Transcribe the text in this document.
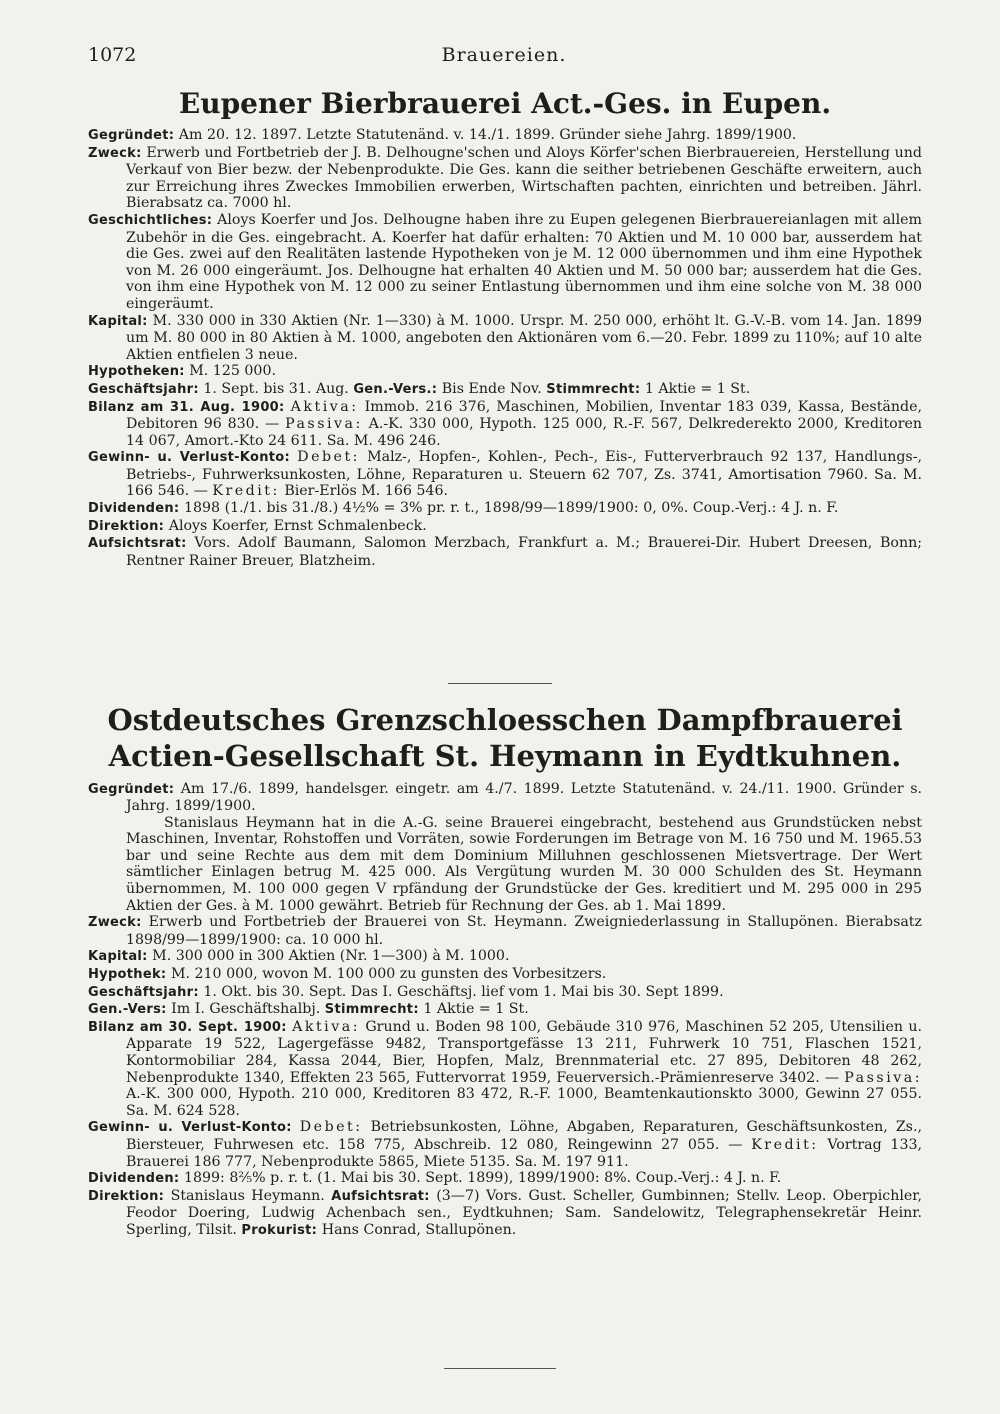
1072	Brauereien.
Eupener Bierbrauerei Act.-Ges. in Eupen.

Gegründet: Am 20. 12. 1897. Letzte Statutenänd. v. 14./1. 1899. Gründer siehe Jahrg. 1899/1900.

Zweck: Erwerb und Fortbetrieb der J. B. Delhougne'schen und Aloys Körfer'schen Bierbrauereien, Herstellung und Verkauf von Bier bezw. der Nebenprodukte. Die Ges. kann die seither betriebenen Geschäfte erweitern, auch zur Erreichung ihres Zweckes Immobilien erwerben, Wirtschaften pachten, einrichten und betreiben. Jährl. Bierabsatz ca. 7000 hl.

Geschichtliches: Aloys Koerfer und Jos. Delhougne haben ihre zu Eupen gelegenen Bierbrauereianlagen mit allem Zubehör in die Ges. eingebracht. A. Koerfer hat dafür erhalten: 70 Aktien und M. 10 000 bar, ausserdem hat die Ges. zwei auf den Realitäten lastende Hypotheken von je M. 12 000 übernommen und ihm eine Hypothek von M. 26 000 eingeräumt. Jos. Delhougne hat erhalten 40 Aktien und M. 50 000 bar; ausserdem hat die Ges. von ihm eine Hypothek von M. 12 000 zu seiner Entlastung übernommen und ihm eine solche von M. 38 000 eingeräumt.

Kapital: M. 330 000 in 330 Aktien (Nr. 1—330) à M. 1000. Urspr. M. 250 000, erhöht lt. G.-V.-B. vom 14. Jan. 1899 um M. 80 000 in 80 Aktien à M. 1000, angeboten den Aktionären vom 6.—20. Febr. 1899 zu 110%; auf 10 alte Aktien entfielen 3 neue.

Hypotheken: M. 125 000.

Geschäftsjahr: 1. Sept. bis 31. Aug. Gen.-Vers.: Bis Ende Nov. Stimmrecht: 1 Aktie = 1 St.

Bilanz am 31. Aug. 1900: Aktiva: Immob. 216 376, Maschinen, Mobilien, Inventar 183 039, Kassa, Bestände, Debitoren 96 830. — Passiva: A.-K. 330 000, Hypoth. 125 000, R.-F. 567, Delkrederekto 2000, Kreditoren 14 067, Amort.-Kto 24 611. Sa. M. 496 246.

Gewinn- u. Verlust-Konto: Debet: Malz-, Hopfen-, Kohlen-, Pech-, Eis-, Futterverbrauch 92 137, Handlungs-, Betriebs-, Fuhrwerksunkosten, Löhne, Reparaturen u. Steuern 62 707, Zs. 3741, Amortisation 7960. Sa. M. 166 546. — Kredit: Bier-Erlös M. 166 546.

Dividenden: 1898 (1./1. bis 31./8.) 4½% = 3% pr. r. t., 1898/99—1899/1900: 0, 0%. Coup.-Verj.: 4 J. n. F.

Direktion: Aloys Koerfer, Ernst Schmalenbeck.

Aufsichtsrat: Vors. Adolf Baumann, Salomon Merzbach, Frankfurt a. M.; Brauerei-Dir. Hubert Dreesen, Bonn; Rentner Rainer Breuer, Blatzheim.

Ostdeutsches Grenzschloesschen Dampfbrauerei Actien-Gesellschaft St. Heymann in Eydtkuhnen.

Gegründet: Am 17./6. 1899, handelsger. eingetr. am 4./7. 1899. Letzte Statutenänd. v. 24./11. 1900. Gründer s. Jahrg. 1899/1900.

Stanislaus Heymann hat in die A.-G. seine Brauerei eingebracht, bestehend aus Grundstücken nebst Maschinen, Inventar, Rohstoffen und Vorräten, sowie Forderungen im Betrage von M. 16 750 und M. 1965.53 bar und seine Rechte aus dem mit dem Dominium Milluhnen geschlossenen Mietsvertrage. Der Wert sämtlicher Einlagen betrug M. 425 000. Als Vergütung wurden M. 30 000 Schulden des St. Heymann übernommen, M. 100 000 gegen V rpfändung der Grundstücke der Ges. kreditiert und M. 295 000 in 295 Aktien der Ges. à M. 1000 gewährt. Betrieb für Rechnung der Ges. ab 1. Mai 1899.

Zweck: Erwerb und Fortbetrieb der Brauerei von St. Heymann. Zweigniederlassung in Stallupönen. Bierabsatz 1898/99—1899/1900: ca. 10 000 hl.

Kapital: M. 300 000 in 300 Aktien (Nr. 1—300) à M. 1000.

Hypothek: M. 210 000, wovon M. 100 000 zu gunsten des Vorbesitzers.

Geschäftsjahr: 1. Okt. bis 30. Sept. Das I. Geschäftsj. lief vom 1. Mai bis 30. Sept 1899.

Gen.-Vers: Im I. Geschäftshalbj. Stimmrecht: 1 Aktie = 1 St.

Bilanz am 30. Sept. 1900: Aktiva: Grund u. Boden 98 100, Gebäude 310 976, Maschinen 52 205, Utensilien u. Apparate 19 522, Lagergefässe 9482, Transportgefässe 13 211, Fuhrwerk 10 751, Flaschen 1521, Kontormobiliar 284, Kassa 2044, Bier, Hopfen, Malz, Brennmaterial etc. 27 895, Debitoren 48 262, Nebenprodukte 1340, Effekten 23 565, Futtervorrat 1959, Feuerversich.-Prämienreserve 3402. — Passiva: A.-K. 300 000, Hypoth. 210 000, Kreditoren 83 472, R.-F. 1000, Beamtenkautionskto 3000, Gewinn 27 055. Sa. M. 624 528.

Gewinn- u. Verlust-Konto: Debet: Betriebsunkosten, Löhne, Abgaben, Reparaturen, Geschäftsunkosten, Zs., Biersteuer, Fuhrwesen etc. 158 775, Abschreib. 12 080, Reingewinn 27 055. — Kredit: Vortrag 133, Brauerei 186 777, Nebenprodukte 5865, Miete 5135. Sa. M. 197 911.

Dividenden: 1899: 8⅖% p. r. t. (1. Mai bis 30. Sept. 1899), 1899/1900: 8%. Coup.-Verj.: 4 J. n. F.

Direktion: Stanislaus Heymann. Aufsichtsrat: (3—7) Vors. Gust. Scheller, Gumbinnen; Stellv. Leop. Oberpichler, Feodor Doering, Ludwig Achenbach sen., Eydtkuhnen; Sam. Sandelowitz, Telegraphensekretär Heinr. Sperling, Tilsit. Prokurist: Hans Conrad, Stallupönen.
